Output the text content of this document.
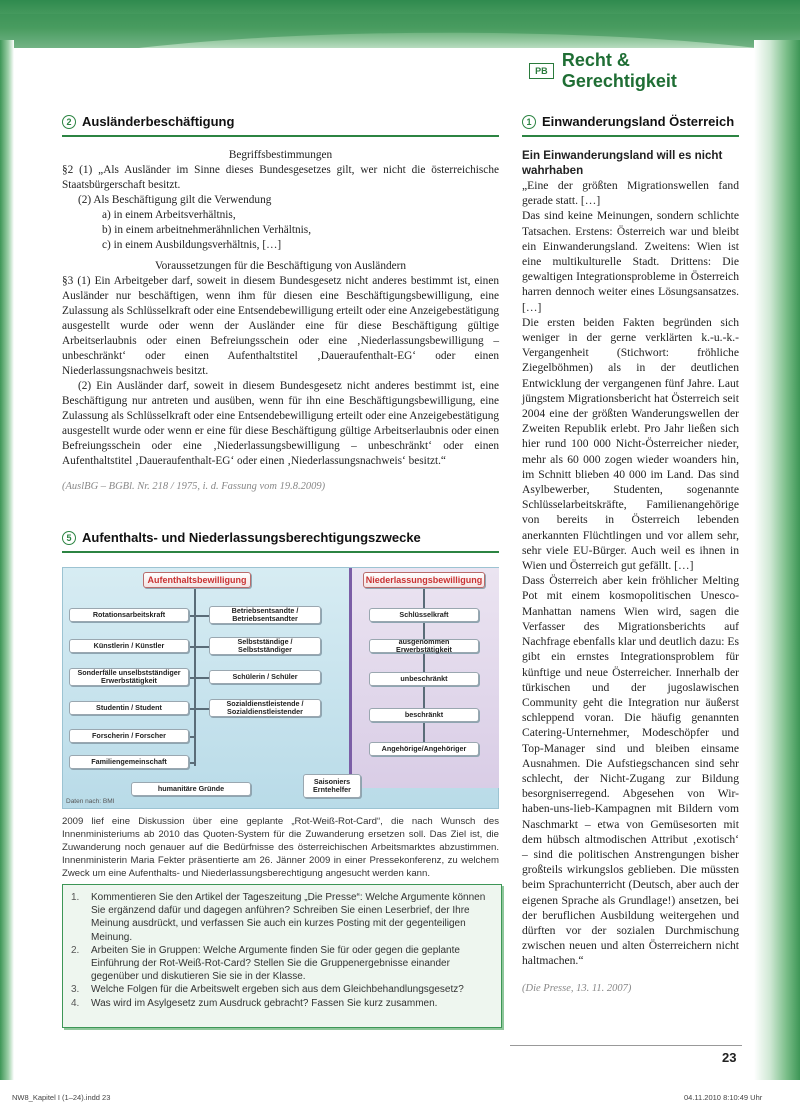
PB
Recht & Gerechtigkeit
2 Ausländerbeschäftigung
Begriffsbestimmungen

§2 (1) „Als Ausländer im Sinne dieses Bundesgesetzes gilt, wer nicht die österreichische Staatsbürgerschaft besitzt.

(2) Als Beschäftigung gilt die Verwendung

a) in einem Arbeitsverhältnis,

b) in einem arbeitnehmerähnlichen Verhältnis,

c) in einem Ausbildungsverhältnis, […]

Voraussetzungen für die Beschäftigung von Ausländern

§3 (1) Ein Arbeitgeber darf, soweit in diesem Bundesgesetz nicht anderes bestimmt ist, einen Ausländer nur beschäftigen, wenn ihm für diesen eine Beschäftigungsbewilligung, eine Zulassung als Schlüsselkraft oder eine Entsendebewilligung erteilt oder eine Anzeigebestätigung ausgestellt wurde oder wenn der Ausländer eine für diese Beschäftigung gültige Arbeitserlaubnis oder einen Befreiungsschein oder eine ‚Niederlassungsbewilligung – unbeschränkt‘ oder einen Aufenthaltstitel ‚Daueraufenthalt-EG‘ oder einen Niederlassungsnachweis besitzt.

(2) Ein Ausländer darf, soweit in diesem Bundesgesetz nicht anderes bestimmt ist, eine Beschäftigung nur antreten und ausüben, wenn für ihn eine Beschäftigungsbewilligung, eine Zulassung als Schlüsselkraft oder eine Entsendebewilligung erteilt oder eine Anzeigebestätigung ausgestellt wurde oder wenn er eine für diese Beschäftigung gültige Arbeitserlaubnis oder einen Befreiungsschein oder eine ‚Niederlassungsbewilligung – unbeschränkt‘ oder einen Aufenthaltstitel ‚Daueraufenthalt-EG‘ oder einen ‚Niederlassungsnachweis‘ besitzt.“

(AuslBG – BGBl. Nr. 218 / 1975, i. d. Fassung vom 19.8.2009)

5 Aufenthalts- und Niederlassungsberechtigungszwecke
Aufenthaltsbewilligung	Niederlassungsbewilligung
Rotationsarbeitskraft
Künstlerin / Künstler
Sonderfälle unselbstständiger Erwerbstätigkeit
Studentin / Student
Forscherin / Forscher
Familiengemeinschaft
humanitäre Gründe
Betriebsentsandte / Betriebsentsandter
Selbstständige / Selbstständiger
Schülerin / Schüler
Sozialdienstleistende / Sozialdienstleistender
Schlüsselkraft
ausgenommen Erwerbstätigkeit
unbeschränkt
beschränkt
Angehörige/Angehöriger
Saisoniers Erntehelfer
Daten nach: BMI
2009 lief eine Diskussion über eine geplante „Rot-Weiß-Rot-Card“, die nach Wunsch des Innenministeriums ab 2010 das Quoten-System für die Zuwanderung ersetzen soll. Das Ziel ist, die Zuwanderung noch genauer auf die Bedürfnisse des österreichischen Arbeitsmarktes abzustimmen. Innenministerin Maria Fekter präsentierte am 26. Jänner 2009 in einer Pressekonferenz, zu welchem Zweck um eine Aufenthalts- und Niederlassungsberechtigung angesucht werden kann.
1.	Kommentieren Sie den Artikel der Tageszeitung „Die Presse“: Welche Argumente können Sie ergänzend dafür und dagegen anführen? Schreiben Sie einen Leserbrief, der Ihre Meinung ausdrückt, und verfassen Sie auch ein kurzes Posting mit der gegenteiligen Meinung.
2.	Arbeiten Sie in Gruppen: Welche Argumente finden Sie für oder gegen die geplante Einführung der Rot-Weiß-Rot-Card? Stellen Sie die Gruppenergebnisse einander gegenüber und diskutieren Sie sie in der Klasse.
3.	Welche Folgen für die Arbeitswelt ergeben sich aus dem Gleichbehandlungsgesetz?
4.	Was wird im Asylgesetz zum Ausdruck gebracht? Fassen Sie kurz zusammen.
1 Einwanderungsland Österreich
Ein Einwanderungsland will es nicht wahrhaben

„Eine der größten Migrationswellen fand gerade statt. […]

Das sind keine Meinungen, sondern schlichte Tatsachen. Erstens: Österreich war und bleibt ein Einwanderungsland. Zweitens: Wien ist eine multikulturelle Stadt. Drittens: Die gewaltigen Integrationsprobleme in Österreich harren dennoch weiter eines Lösungsansatzes. […]

Die ersten beiden Fakten begründen sich weniger in der gerne verklärten k.-u.-k.-Vergangenheit (Stichwort: fröhliche Ziegelböhmen) als in der deutlichen Entwicklung der vergangenen fünf Jahre. Laut jüngstem Migrationsbericht hat Österreich seit 2004 eine der größten Wanderungswellen der Zweiten Republik erlebt. Pro Jahr ließen sich hier rund 100 000 Nicht-Österreicher nieder, mehr als 60 000 zogen wieder woanders hin, im Schnitt blieben 40 000 im Land. Das sind Asylbewerber, Studenten, sogenannte Schlüsselarbeitskräfte, Familienangehörige von bereits in Österreich lebenden anerkannten Flüchtlingen und vor allem sehr, sehr viele EU-Bürger. Auch weil es ihnen in Wien und Österreich gut gefällt. […]

Dass Österreich aber kein fröhlicher Melting Pot mit einem kosmopolitischen Unesco-Manhattan namens Wien wird, sagen die Verfasser des Migrationsberichts auf Nachfrage ebenfalls klar und deutlich dazu: Es gibt ein ernstes Integrationsproblem für künftige und neue Österreicher. Innerhalb der türkischen und der jugoslawischen Community geht die Integration nur äußerst schleppend voran. Die häufig genannten Catering-Unternehmer, Modeschöpfer und Top-Manager sind und bleiben einsame Ausnahmen. Die Aufstiegschancen sind sehr schlecht, der Nicht-Zugang zur Bildung besorgniserregend. Abgesehen von Wir-haben-uns-lieb-Kampagnen mit Bildern vom Naschmarkt – etwa von Gemüsesorten mit dem hübsch altmodischen Attribut ‚exotisch‘ – sind die politischen Anstrengungen bisher großteils wirkungslos geblieben. Die müssten beim Sprachunterricht (Deutsch, aber auch der eigenen Sprache als Grundlage!) ansetzen, bei der beruflichen Ausbildung weitergehen und dürften vor der sozialen Durchmischung zwischen neuen und alten Österreichern nicht haltmachen.“

(Die Presse, 13. 11. 2007)

23
NW8_Kapitel I (1–24).indd 23	04.11.2010 8:10:49 Uhr
